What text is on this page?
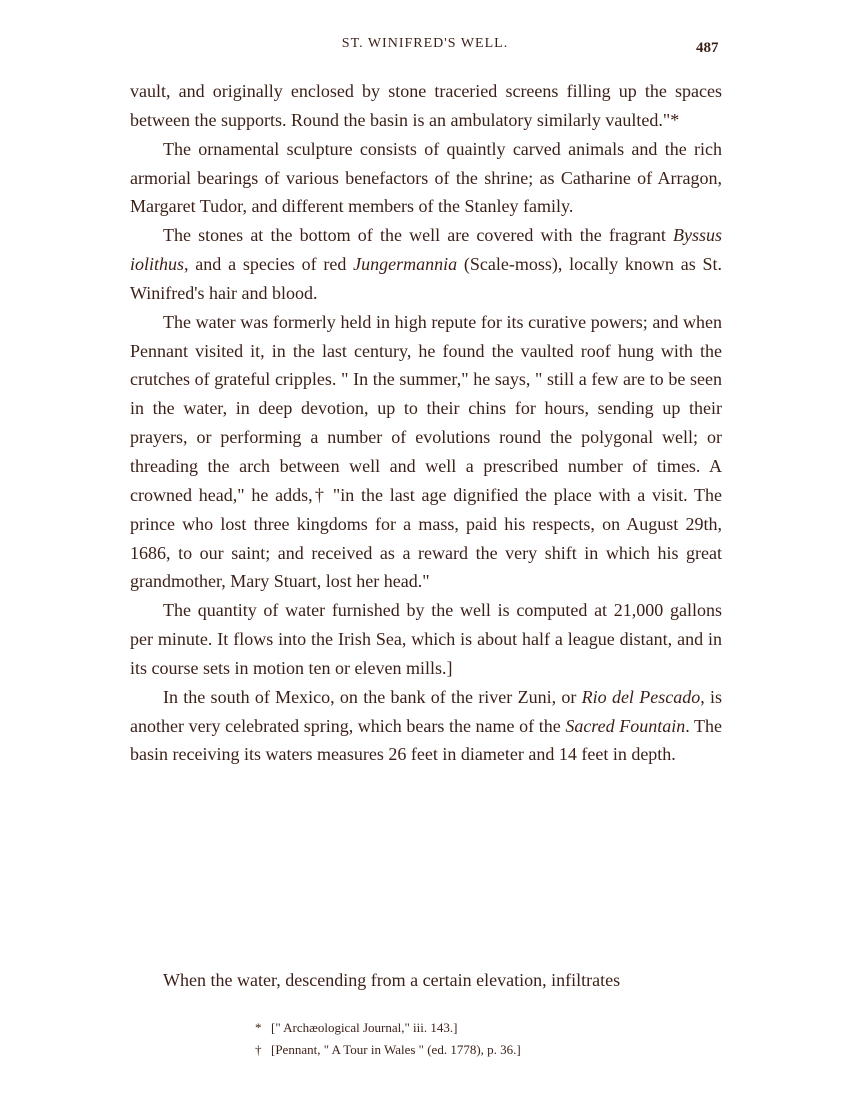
ST. WINIFRED'S WELL.	487

vault, and originally enclosed by stone traceried screens filling up the spaces between the supports. Round the basin is an ambulatory similarly vaulted."*

The ornamental sculpture consists of quaintly carved animals and the rich armorial bearings of various benefactors of the shrine; as Catharine of Arragon, Margaret Tudor, and different members of the Stanley family.

The stones at the bottom of the well are covered with the fragrant Byssus iolithus, and a species of red Jungermannia (Scale-moss), locally known as St. Winifred's hair and blood.

The water was formerly held in high repute for its curative powers; and when Pennant visited it, in the last century, he found the vaulted roof hung with the crutches of grateful cripples. " In the summer," he says, " still a few are to be seen in the water, in deep devotion, up to their chins for hours, sending up their prayers, or performing a number of evolutions round the polygonal well; or threading the arch between well and well a prescribed number of times. A crowned head," he adds,† "in the last age dignified the place with a visit. The prince who lost three kingdoms for a mass, paid his respects, on August 29th, 1686, to our saint; and received as a reward the very shift in which his great grandmother, Mary Stuart, lost her head."

The quantity of water furnished by the well is computed at 21,000 gallons per minute. It flows into the Irish Sea, which is about half a league distant, and in its course sets in motion ten or eleven mills.]

In the south of Mexico, on the bank of the river Zuni, or Rio del Pescado, is another very celebrated spring, which bears the name of the Sacred Fountain. The basin receiving its waters measures 26 feet in diameter and 14 feet in depth.

When the water, descending from a certain elevation, infiltrates
* [" Archæological Journal," iii. 14​3.]
† [Pennant, " A Tour in Wales " (ed. 1778), p. 36.]
